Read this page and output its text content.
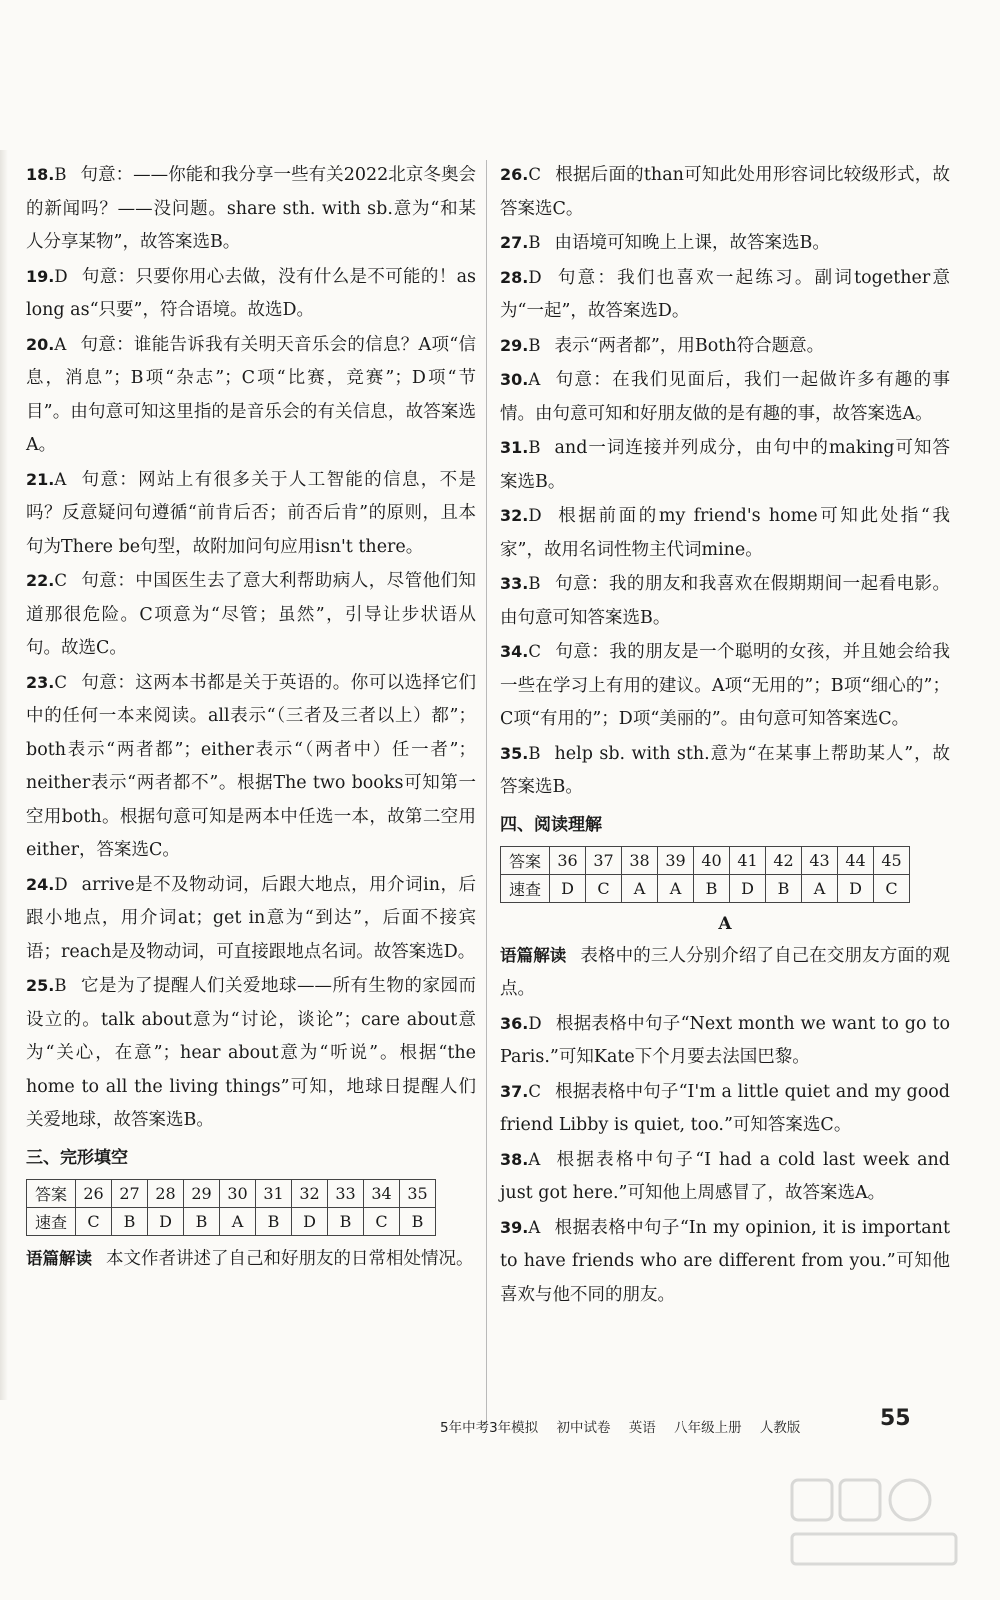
18.B 句意：——你能和我分享一些有关2022北京冬奥会的新闻吗？——没问题。share sth. with sb.意为“和某人分享某物”，故答案选B。
19.D 句意：只要你用心去做，没有什么是不可能的！as long as“只要”，符合语境。故选D。
20.A 句意：谁能告诉我有关明天音乐会的信息？A项“信息，消息”；B项“杂志”；C项“比赛，竞赛”；D项“节目”。由句意可知这里指的是音乐会的有关信息，故答案选A。
21.A 句意：网站上有很多关于人工智能的信息，不是吗？反意疑问句遵循“前肯后否；前否后肯”的原则，且本句为There be句型，故附加问句应用isn't there。
22.C 句意：中国医生去了意大利帮助病人，尽管他们知道那很危险。C项意为“尽管；虽然”，引导让步状语从句。故选C。
23.C 句意：这两本书都是关于英语的。你可以选择它们中的任何一本来阅读。all表示“（三者及三者以上）都”；both表示“两者都”；either表示“（两者中）任一者”；neither表示“两者都不”。根据The two books可知第一空用both。根据句意可知是两本中任选一本，故第二空用either，答案选C。
24.D arrive是不及物动词，后跟大地点，用介词in，后跟小地点，用介词at；get in意为“到达”，后面不接宾语；reach是及物动词，可直接跟地点名词。故答案选D。
25.B 它是为了提醒人们关爱地球——所有生物的家园而设立的。talk about意为“讨论，谈论”；care about意为“关心，在意”；hear about意为“听说”。根据“the home to all the living things”可知，地球日提醒人们关爱地球，故答案选B。
三、完形填空
答案	26	27	28	29	30	31	32	33	34	35
速查	C	B	D	B	A	B	D	B	C	B
语篇解读 本文作者讲述了自己和好朋友的日常相处情况。
26.C 根据后面的than可知此处用形容词比较级形式，故答案选C。
27.B 由语境可知晚上上课，故答案选B。
28.D 句意：我们也喜欢一起练习。副词together意为“一起”，故答案选D。
29.B 表示“两者都”，用Both符合题意。
30.A 句意：在我们见面后，我们一起做许多有趣的事情。由句意可知和好朋友做的是有趣的事，故答案选A。
31.B and一词连接并列成分，由句中的making可知答案选B。
32.D 根据前面的my friend's home可知此处指“我家”，故用名词性物主代词mine。
33.B 句意：我的朋友和我喜欢在假期期间一起看电影。由句意可知答案选B。
34.C 句意：我的朋友是一个聪明的女孩，并且她会给我一些在学习上有用的建议。A项“无用的”；B项“细心的”；C项“有用的”；D项“美丽的”。由句意可知答案选C。
35.B help sb. with sth.意为“在某事上帮助某人”，故答案选B。
四、阅读理解
答案	36	37	38	39	40	41	42	43	44	45
速查	D	C	A	A	B	D	B	A	D	C
A
语篇解读 表格中的三人分别介绍了自己在交朋友方面的观点。
36.D 根据表格中句子“Next month we want to go to Paris.”可知Kate下个月要去法国巴黎。
37.C 根据表格中句子“I'm a little quiet and my good friend Libby is quiet, too.”可知答案选C。
38.A 根据表格中句子“I had a cold last week and just got here.”可知他上周感冒了，故答案选A。
39.A 根据表格中句子“In my opinion, it is important to have friends who are different from you.”可知他喜欢与他不同的朋友。
5年中考3年模拟 初中试卷 英语 八年级上册 人教版	55
